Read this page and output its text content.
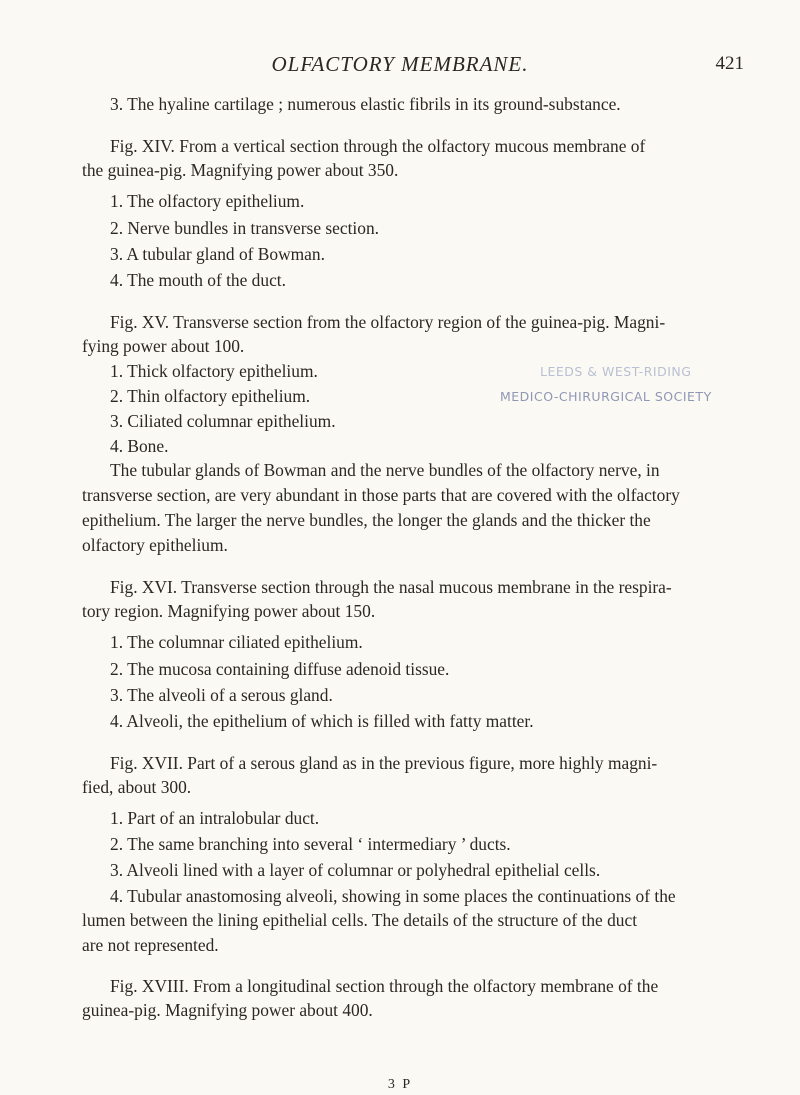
OLFACTORY MEMBRANE.	421
3. The hyaline cartilage ; numerous elastic fibrils in its ground-substance.
Fig. XIV. From a vertical section through the olfactory mucous membrane of
the guinea-pig. Magnifying power about 350.
1. The olfactory epithelium.
2. Nerve bundles in transverse section.
3. A tubular gland of Bowman.
4. The mouth of the duct.
Fig. XV. Transverse section from the olfactory region of the guinea-pig. Magni-
fying power about 100.
1. Thick olfactory epithelium.
2. Thin olfactory epithelium.
3. Ciliated columnar epithelium.
4. Bone.
The tubular glands of Bowman and the nerve bundles of the olfactory nerve, in
transverse section, are very abundant in those parts that are covered with the olfactory
epithelium. The larger the nerve bundles, the longer the glands and the thicker the
olfactory epithelium.
Fig. XVI. Transverse section through the nasal mucous membrane in the respira-
tory region. Magnifying power about 150.
1. The columnar ciliated epithelium.
2. The mucosa containing diffuse adenoid tissue.
3. The alveoli of a serous gland.
4. Alveoli, the epithelium of which is filled with fatty matter.
Fig. XVII. Part of a serous gland as in the previous figure, more highly magni-
fied, about 300.
1. Part of an intralobular duct.
2. The same branching into several ‘ intermediary ’ ducts.
3. Alveoli lined with a layer of columnar or polyhedral epithelial cells.
4. Tubular anastomosing alveoli, showing in some places the continuations of the
lumen between the lining epithelial cells. The details of the structure of the duct
are not represented.
Fig. XVIII. From a longitudinal section through the olfactory membrane of the
guinea-pig. Magnifying power about 400.
LEEDS & WEST-RIDING
MEDICO-CHIRURGICAL SOCIETY
3 P
